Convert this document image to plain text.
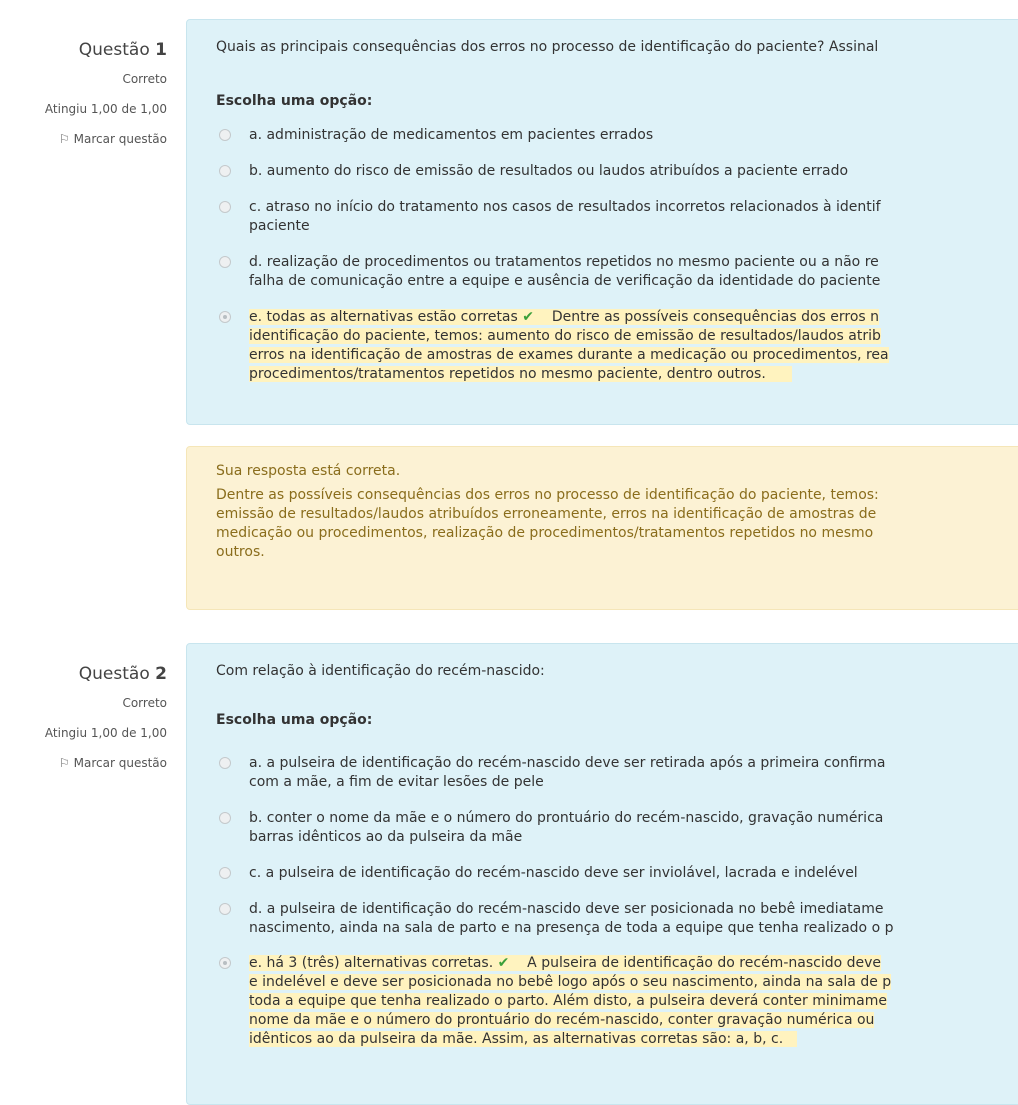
Questão 1
Correto
Atingiu 1,00 de 1,00
⚐ Marcar questão
Quais as principais consequências dos erros no processo de identificação do paciente? Assinal
Escolha uma opção:
a. administração de medicamentos em pacientes errados
b. aumento do risco de emissão de resultados ou laudos atribuídos a paciente errado
c. atraso no início do tratamento nos casos de resultados incorretos relacionados à identif
paciente
d. realização de procedimentos ou tratamentos repetidos no mesmo paciente ou a não re
falha de comunicação entre a equipe e ausência de verificação da identidade do paciente
e. todas as alternativas estão corretas ✔ Dentre as possíveis consequências dos erros n
identificação do paciente, temos: aumento do risco de emissão de resultados/laudos atrib
erros na identificação de amostras de exames durante a medicação ou procedimentos, rea
procedimentos/tratamentos repetidos no mesmo paciente, dentro outros.
Sua resposta está correta.
Dentre as possíveis consequências dos erros no processo de identificação do paciente, temos:
emissão de resultados/laudos atribuídos erroneamente, erros na identificação de amostras de
medicação ou procedimentos, realização de procedimentos/tratamentos repetidos no mesmo
outros.
Questão 2
Correto
Atingiu 1,00 de 1,00
⚐ Marcar questão
Com relação à identificação do recém-nascido:
Escolha uma opção:
a. a pulseira de identificação do recém-nascido deve ser retirada após a primeira confirma
com a mãe, a fim de evitar lesões de pele
b. conter o nome da mãe e o número do prontuário do recém-nascido, gravação numérica
barras idênticos ao da pulseira da mãe
c. a pulseira de identificação do recém-nascido deve ser inviolável, lacrada e indelével
d. a pulseira de identificação do recém-nascido deve ser posicionada no bebê imediatame
nascimento, ainda na sala de parto e na presença de toda a equipe que tenha realizado o p
e. há 3 (três) alternativas corretas. ✔ A pulseira de identificação do recém-nascido deve
e indelével e deve ser posicionada no bebê logo após o seu nascimento, ainda na sala de p
toda a equipe que tenha realizado o parto. Além disto, a pulseira deverá conter minimame
nome da mãe e o número do prontuário do recém-nascido, conter gravação numérica ou
idênticos ao da pulseira da mãe. Assim, as alternativas corretas são: a, b, c.
